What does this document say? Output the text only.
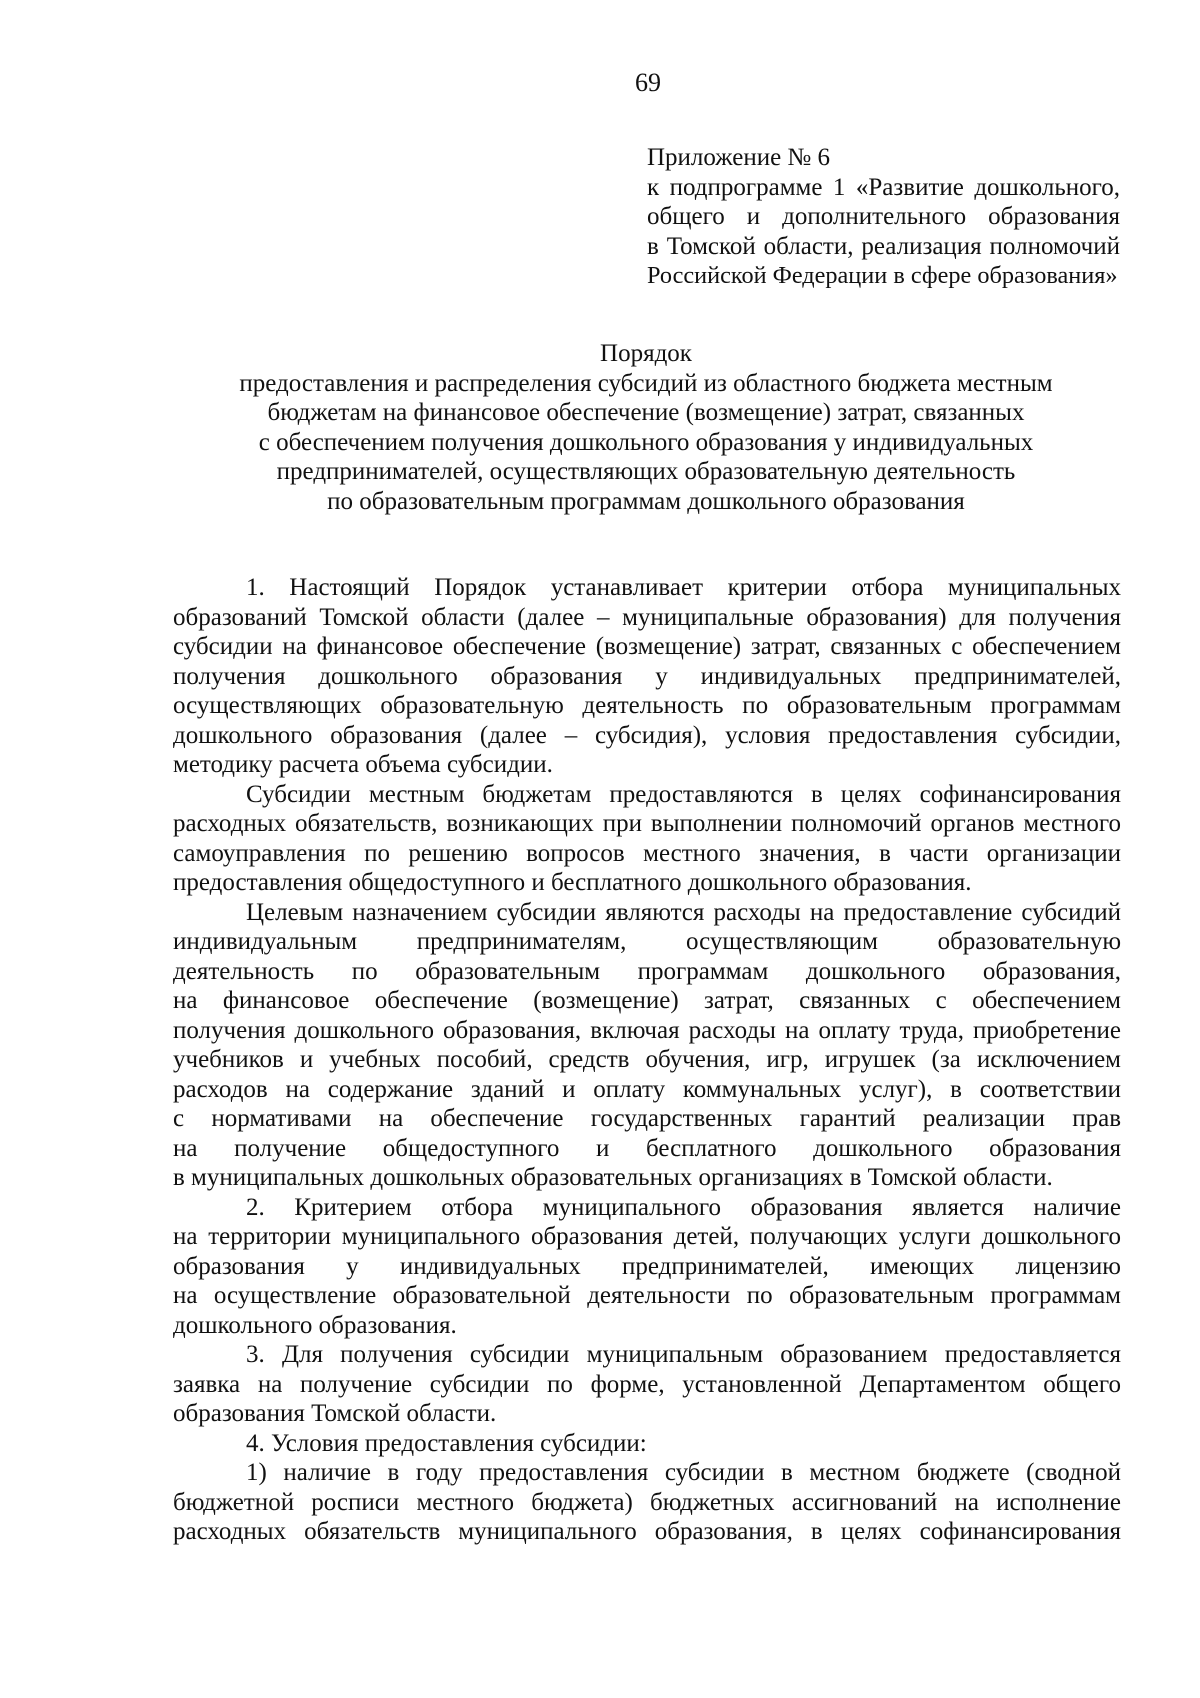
69
Приложение № 6
к подпрограмме 1 «Развитие дошкольного,
общего и дополнительного образования
в Томской области, реализация полномочий
Российской Федерации в сфере образования»
Порядок
предоставления и распределения субсидий из областного бюджета местным
бюджетам на финансовое обеспечение (возмещение) затрат, связанных
с обеспечением получения дошкольного образования у индивидуальных
предпринимателей, осуществляющих образовательную деятельность
по образовательным программам дошкольного образования
1. Настоящий Порядок устанавливает критерии отбора муниципальных
образований Томской области (далее – муниципальные образования) для получения
субсидии на финансовое обеспечение (возмещение) затрат, связанных с обеспечением
получения дошкольного образования у индивидуальных предпринимателей,
осуществляющих образовательную деятельность по образовательным программам
дошкольного образования (далее – субсидия), условия предоставления субсидии,
методику расчета объема субсидии.
Субсидии местным бюджетам предоставляются в целях софинансирования
расходных обязательств, возникающих при выполнении полномочий органов местного
самоуправления по решению вопросов местного значения, в части организации
предоставления общедоступного и бесплатного дошкольного образования.
Целевым назначением субсидии являются расходы на предоставление субсидий
индивидуальным предпринимателям, осуществляющим образовательную
деятельность по образовательным программам дошкольного образования,
на финансовое обеспечение (возмещение) затрат, связанных с обеспечением
получения дошкольного образования, включая расходы на оплату труда, приобретение
учебников и учебных пособий, средств обучения, игр, игрушек (за исключением
расходов на содержание зданий и оплату коммунальных услуг), в соответствии
с нормативами на обеспечение государственных гарантий реализации прав
на получение общедоступного и бесплатного дошкольного образования
в муниципальных дошкольных образовательных организациях в Томской области.
2. Критерием отбора муниципального образования является наличие
на территории муниципального образования детей, получающих услуги дошкольного
образования у индивидуальных предпринимателей, имеющих лицензию
на осуществление образовательной деятельности по образовательным программам
дошкольного образования.
3. Для получения субсидии муниципальным образованием предоставляется
заявка на получение субсидии по форме, установленной Департаментом общего
образования Томской области.
4. Условия предоставления субсидии:
1) наличие в году предоставления субсидии в местном бюджете (сводной
бюджетной росписи местного бюджета) бюджетных ассигнований на исполнение
расходных обязательств муниципального образования, в целях софинансирования
